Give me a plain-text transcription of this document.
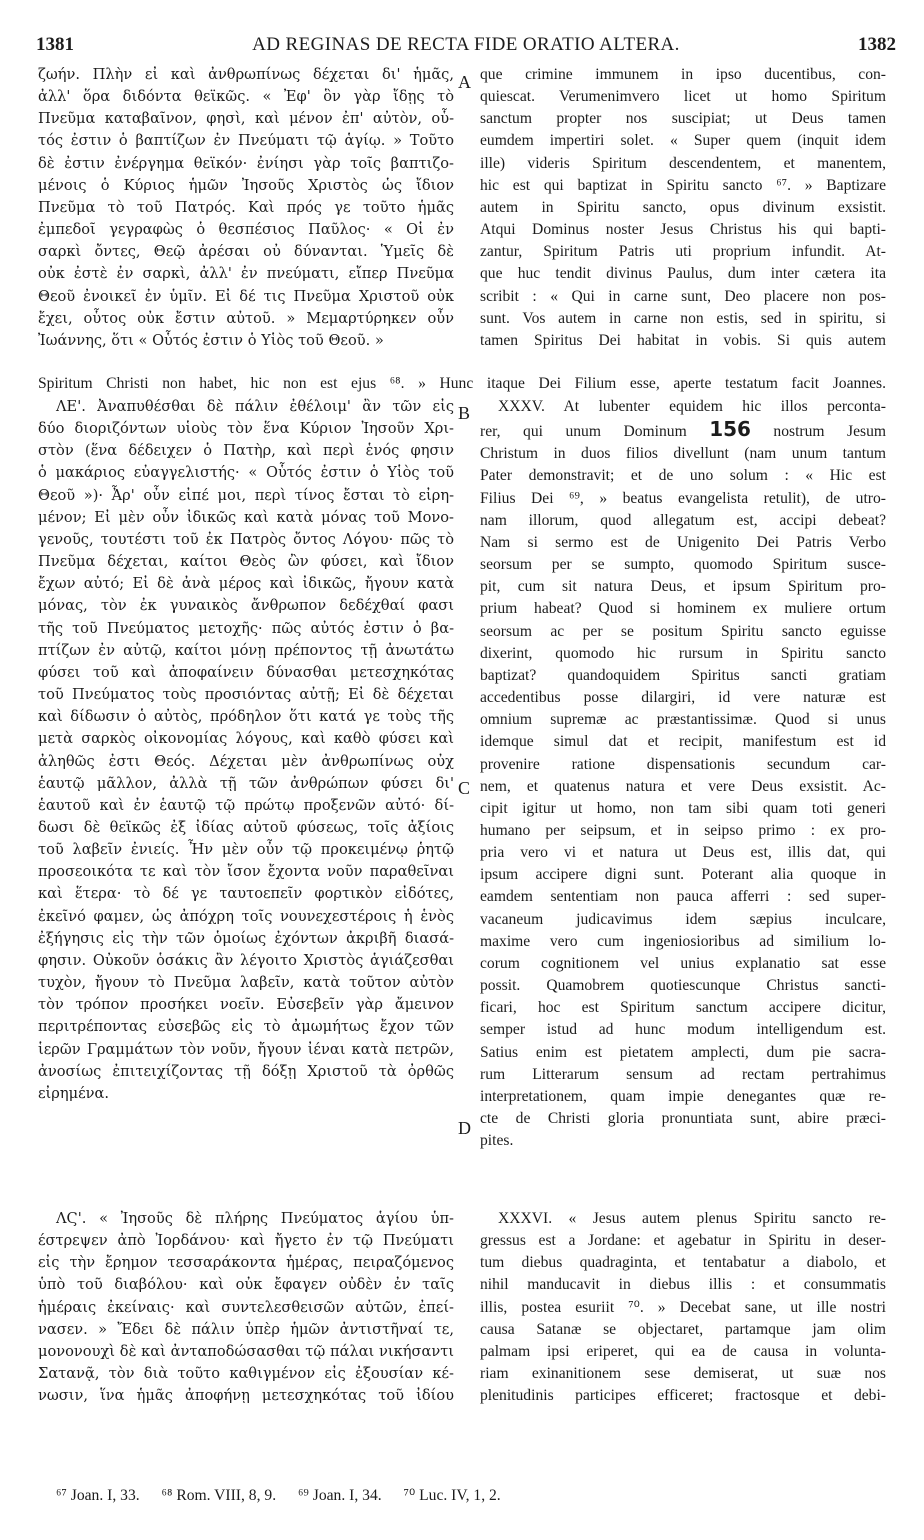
1381	AD REGINAS DE RECTA FIDE ORATIO ALTERA.	1382
ζωήν. Πλὴν εἰ καὶ ἀνθρωπίνως δέχεται δι' ἡμᾶς,
ἀλλ' ὅρα διδόντα θεϊκῶς. « Ἐφ' ὃν γὰρ ἴδῃς τὸ
Πνεῦμα καταβαῖνον, φησὶ, καὶ μένον ἐπ' αὐτὸν, οὗ-
τός ἐστιν ὁ βαπτίζων ἐν Πνεύματι τῷ ἁγίῳ. » Τοῦτο
δὲ ἐστιν ἐνέργημα θεϊκόν· ἐνίησι γὰρ τοῖς βαπτιζο-
μένοις ὁ Κύριος ἡμῶν Ἰησοῦς Χριστὸς ὡς ἴδιον
Πνεῦμα τὸ τοῦ Πατρός. Καὶ πρός γε τοῦτο ἡμᾶς
ἐμπεδοῖ γεγραφὼς ὁ θεσπέσιος Παῦλος· « Οἱ ἐν
σαρκὶ ὄντες, Θεῷ ἀρέσαι οὐ δύνανται. Ὑμεῖς δὲ
οὐκ ἐστὲ ἐν σαρκὶ, ἀλλ' ἐν πνεύματι, εἴπερ Πνεῦμα
Θεοῦ ἐνοικεῖ ἐν ὑμῖν. Εἰ δέ τις Πνεῦμα Χριστοῦ οὐκ
ἔχει, οὗτος οὐκ ἔστιν αὐτοῦ. » Μεμαρτύρηκεν οὖν
Ἰωάννης, ὅτι « Οὗτός ἐστιν ὁ Υἱὸς τοῦ Θεοῦ. »
que crimine immunem in ipso ducentibus, con-
quiescat. Verumenimvero licet ut homo Spiritum
sanctum propter nos suscipiat; ut Deus tamen
eumdem impertiri solet. « Super quem (inquit idem
ille) videris Spiritum descendentem, et manentem,
hic est qui baptizat in Spiritu sancto ⁶⁷. » Baptizare
autem in Spiritu sancto, opus divinum exsistit.
Atqui Dominus noster Jesus Christus his qui bapti-
zantur, Spiritum Patris uti proprium infundit. At-
que huc tendit divinus Paulus, dum inter cætera ita
scribit : « Qui in carne sunt, Deo placere non pos-
sunt. Vos autem in carne non estis, sed in spiritu, si
tamen Spiritus Dei habitat in vobis. Si quis autem
A
Spiritum Christi non habet, hic non est ejus ⁶⁸. » Hunc itaque Dei Filium esse, aperte testatum facit Joannes.
ΛΕ'. Ἀναπυθέσθαι δὲ πάλιν ἐθέλοιμ' ἂν τῶν εἰς
δύο διοριζόντων υἱοὺς τὸν ἕνα Κύριον Ἰησοῦν Χρι-
στὸν (ἕνα δέδειχεν ὁ Πατὴρ, καὶ περὶ ἑνός φησιν
ὁ μακάριος εὐαγγελιστής· « Οὗτός ἐστιν ὁ Υἱὸς τοῦ
Θεοῦ »)· Ἆρ' οὖν εἰπέ μοι, περὶ τίνος ἔσται τὸ εἰρη-
μένον; Εἰ μὲν οὖν ἰδικῶς καὶ κατὰ μόνας τοῦ Μονο-
γενοῦς, τουτέστι τοῦ ἐκ Πατρὸς ὄντος Λόγου· πῶς τὸ
Πνεῦμα δέχεται, καίτοι Θεὸς ὢν φύσει, καὶ ἴδιον
ἔχων αὐτό; Εἰ δὲ ἀνὰ μέρος καὶ ἰδικῶς, ἤγουν κατὰ
μόνας, τὸν ἐκ γυναικὸς ἄνθρωπον δεδέχθαί φασι
τῆς τοῦ Πνεύματος μετοχῆς· πῶς αὐτός ἐστιν ὁ βα-
πτίζων ἐν αὐτῷ, καίτοι μόνῃ πρέποντος τῇ ἀνωτάτω
φύσει τοῦ καὶ ἀποφαίνειν δύνασθαι μετεσχηκότας
τοῦ Πνεύματος τοὺς προσιόντας αὐτῇ; Εἰ δὲ δέχεται
καὶ δίδωσιν ὁ αὐτὸς, πρόδηλον ὅτι κατά γε τοὺς τῆς
μετὰ σαρκὸς οἰκονομίας λόγους, καὶ καθὸ φύσει καὶ
ἀληθῶς ἐστι Θεός. Δέχεται μὲν ἀνθρωπίνως οὐχ
ἑαυτῷ μᾶλλον, ἀλλὰ τῇ τῶν ἀνθρώπων φύσει δι'
ἑαυτοῦ καὶ ἐν ἑαυτῷ τῷ πρώτῳ προξενῶν αὐτό· δί-
δωσι δὲ θεϊκῶς ἐξ ἰδίας αὐτοῦ φύσεως, τοῖς ἀξίοις
τοῦ λαβεῖν ἐνιείς. Ἦν μὲν οὖν τῷ προκειμένῳ ῥητῷ
προσεοικότα τε καὶ τὸν ἴσον ἔχοντα νοῦν παραθεῖναι
καὶ ἕτερα· τὸ δέ γε ταυτοεπεῖν φορτικὸν εἰδότες,
ἐκεῖνό φαμεν, ὡς ἀπόχρη τοῖς νουνεχεστέροις ἡ ἑνὸς
ἐξήγησις εἰς τὴν τῶν ὁμοίως ἐχόντων ἀκριβῆ διασά-
φησιν. Οὐκοῦν ὁσάκις ἂν λέγοιτο Χριστὸς ἁγιάζεσθαι
τυχὸν, ἤγουν τὸ Πνεῦμα λαβεῖν, κατὰ τοῦτον αὐτὸν
τὸν τρόπον προσήκει νοεῖν. Εὐσεβεῖν γὰρ ἄμεινον
περιτρέποντας εὐσεβῶς εἰς τὸ ἀμωμήτως ἔχον τῶν
ἱερῶν Γραμμάτων τὸν νοῦν, ἤγουν ἰέναι κατὰ πετρῶν,
ἀνοσίως ἐπιτειχίζοντας τῇ δόξῃ Χριστοῦ τὰ ὀρθῶς
εἰρημένα.
XXXV. At lubenter equidem hic illos perconta-
rer, qui unum Dominum 156 nostrum Jesum
Christum in duos filios divellunt (nam unum tantum
Pater demonstravit; et de uno solum : « Hic est
Filius Dei ⁶⁹, » beatus evangelista retulit), de utro-
nam illorum, quod allegatum est, accipi debeat?
Nam si sermo est de Unigenito Dei Patris Verbo
seorsum per se sumpto, quomodo Spiritum susce-
pit, cum sit natura Deus, et ipsum Spiritum pro-
prium habeat? Quod si hominem ex muliere ortum
seorsum ac per se positum Spiritu sancto eguisse
dixerint, quomodo hic rursum in Spiritu sancto
baptizat? quandoquidem Spiritus sancti gratiam
accedentibus posse dilargiri, id vere naturæ est
omnium supremæ ac præstantissimæ. Quod si unus
idemque simul dat et recipit, manifestum est id
provenire ratione dispensationis secundum car-
nem, et quatenus natura et vere Deus exsistit. Ac-
cipit igitur ut homo, non tam sibi quam toti generi
humano per seipsum, et in seipso primo : ex pro-
pria vero vi et natura ut Deus est, illis dat, qui
ipsum accipere digni sunt. Poterant alia quoque in
eamdem sententiam non pauca afferri : sed super-
vacaneum judicavimus idem sæpius inculcare,
maxime vero cum ingeniosioribus ad similium lo-
corum cognitionem vel unius explanatio sat esse
possit. Quamobrem quotiescunque Christus sancti-
ficari, hoc est Spiritum sanctum accipere dicitur,
semper istud ad hunc modum intelligendum est.
Satius enim est pietatem amplecti, dum pie sacra-
rum Litterarum sensum ad rectam pertrahimus
interpretationem, quam impie denegantes quæ re-
cte de Christi gloria pronuntiata sunt, abire præci-
pites.
B
C
D
ΛϚ'. « Ἰησοῦς δὲ πλήρης Πνεύματος ἁγίου ὑπ-
έστρεψεν ἀπὸ Ἰορδάνου· καὶ ἤγετο ἐν τῷ Πνεύματι
εἰς τὴν ἔρημον τεσσαράκοντα ἡμέρας, πειραζόμενος
ὑπὸ τοῦ διαβόλου· καὶ οὐκ ἔφαγεν οὐδὲν ἐν ταῖς
ἡμέραις ἐκείναις· καὶ συντελεσθεισῶν αὐτῶν, ἐπεί-
νασεν. » Ἔδει δὲ πάλιν ὑπὲρ ἡμῶν ἀντιστῆναί τε,
μονονουχὶ δὲ καὶ ἀνταποδώσασθαι τῷ πάλαι νικήσαντι
Σατανᾷ, τὸν διὰ τοῦτο καθιγμένον εἰς ἐξουσίαν κέ-
νωσιν, ἵνα ἡμᾶς ἀποφήνῃ μετεσχηκότας τοῦ ἰδίου
XXXVI. « Jesus autem plenus Spiritu sancto re-
gressus est a Jordane: et agebatur in Spiritu in deser-
tum diebus quadraginta, et tentabatur a diabolo, et
nihil manducavit in diebus illis : et consummatis
illis, postea esuriit ⁷⁰. » Decebat sane, ut ille nostri
causa Satanæ se objectaret, partamque jam olim
palmam ipsi eriperet, qui ea de causa in volunta-
riam exinanitionem sese demiserat, ut suæ nos
plenitudinis participes efficeret; fractosque et debi-
⁶⁷ Joan. I, 33. ⁶⁸ Rom. VIII, 8, 9. ⁶⁹ Joan. I, 34. ⁷⁰ Luc. IV, 1, 2.
